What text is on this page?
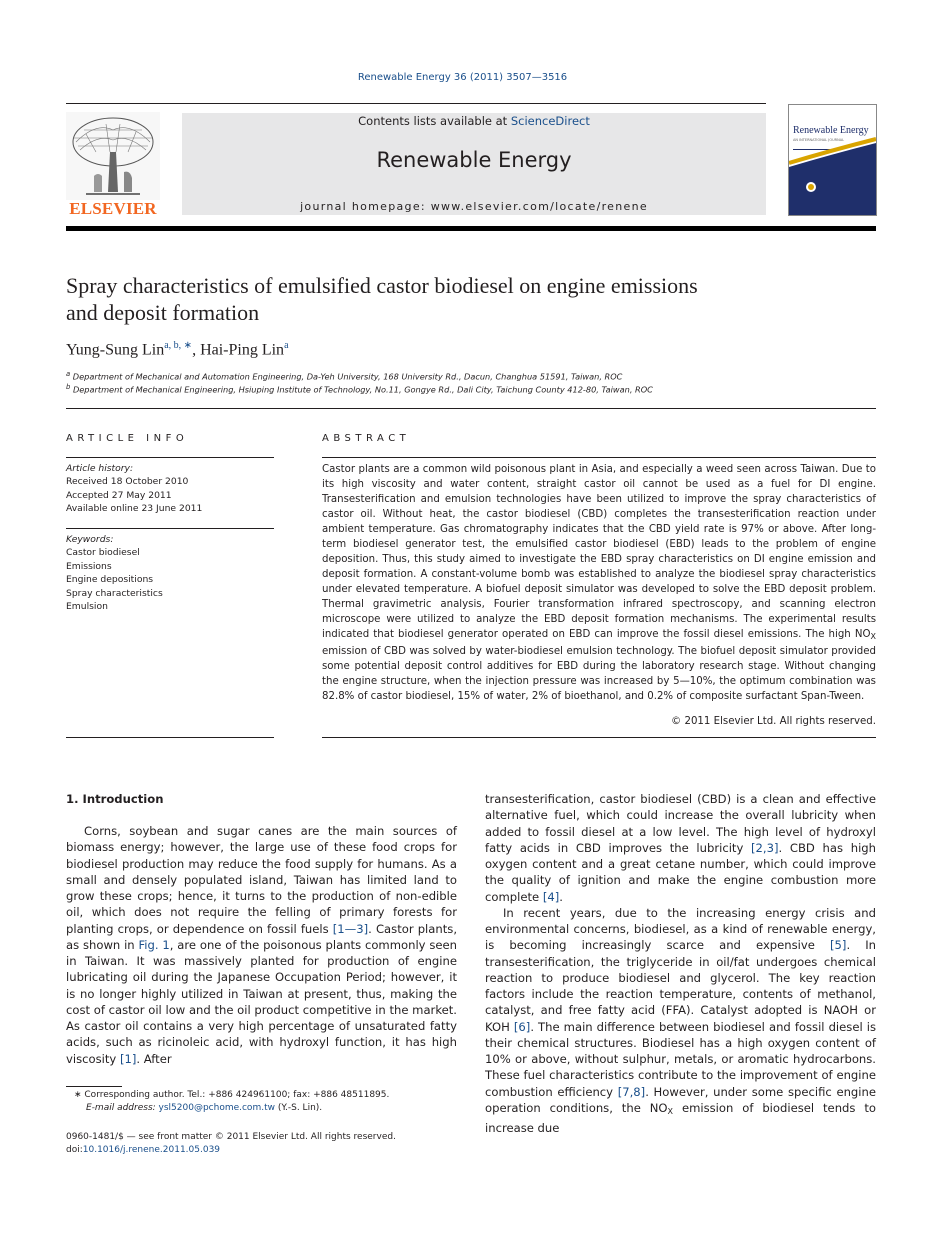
Renewable Energy 36 (2011) 3507—3516
ELSEVIER
Contents lists available at ScienceDirect
Renewable Energy
journal homepage: www.elsevier.com/locate/renene
Renewable Energy
AN INTERNATIONAL JOURNAL
Spray characteristics of emulsified castor biodiesel on engine emissions
and deposit formation
Yung-Sung Lin$^{a, b, ∗}$, Hai-Ping Lin$^a$
$^a$ Department of Mechanical and Automation Engineering, Da-Yeh University, 168 University Rd., Dacun, Changhua 51591, Taiwan, ROC
$^b$ Department of Mechanical Engineering, Hsiuping Institute of Technology, No.11, Gongye Rd., Dali City, Taichung County 412-80, Taiwan, ROC
ARTICLE INFO
Article history:
Received 18 October 2010
Accepted 27 May 2011
Available online 23 June 2011
Keywords:
Castor biodiesel
Emissions
Engine depositions
Spray characteristics
Emulsion
ABSTRACT
Castor plants are a common wild poisonous plant in Asia, and especially a weed seen across Taiwan. Due to its high viscosity and water content, straight castor oil cannot be used as a fuel for DI engine. Transesterification and emulsion technologies have been utilized to improve the spray characteristics of castor oil. Without heat, the castor biodiesel (CBD) completes the transesterification reaction under ambient temperature. Gas chromatography indicates that the CBD yield rate is 97% or above. After long-term biodiesel generator test, the emulsified castor biodiesel (EBD) leads to the problem of engine deposition. Thus, this study aimed to investigate the EBD spray characteristics on DI engine emission and deposit formation. A constant-volume bomb was established to analyze the biodiesel spray characteristics under elevated temperature. A biofuel deposit simulator was developed to solve the EBD deposit problem. Thermal gravimetric analysis, Fourier transformation infrared spectroscopy, and scanning electron microscope were utilized to analyze the EBD deposit formation mechanisms. The experimental results indicated that biodiesel generator operated on EBD can improve the fossil diesel emissions. The high $NO_X$ emission of CBD was solved by water-biodiesel emulsion technology. The biofuel deposit simulator provided some potential deposit control additives for EBD during the laboratory research stage. Without changing the engine structure, when the injection pressure was increased by 5—10%, the optimum combination was 82.8% of castor biodiesel, 15% of water, 2% of bioethanol, and 0.2% of composite surfactant Span-Tween.
© 2011 Elsevier Ltd. All rights reserved.
1. Introduction

Corns, soybean and sugar canes are the main sources of biomass energy; however, the large use of these food crops for biodiesel production may reduce the food supply for humans. As a small and densely populated island, Taiwan has limited land to grow these crops; hence, it turns to the production of non-edible oil, which does not require the felling of primary forests for planting crops, or dependence on fossil fuels [1—3]. Castor plants, as shown in Fig. 1, are one of the poisonous plants commonly seen in Taiwan. It was massively planted for production of engine lubricating oil during the Japanese Occupation Period; however, it is no longer highly utilized in Taiwan at present, thus, making the cost of castor oil low and the oil product competitive in the market. As castor oil contains a very high percentage of unsaturated fatty acids, such as ricinoleic acid, with hydroxyl function, it has high viscosity [1]. After

transesterification, castor biodiesel (CBD) is a clean and effective alternative fuel, which could increase the overall lubricity when added to fossil diesel at a low level. The high level of hydroxyl fatty acids in CBD improves the lubricity [2,3]. CBD has high oxygen content and a great cetane number, which could improve the quality of ignition and make the engine combustion more complete [4].

In recent years, due to the increasing energy crisis and environmental concerns, biodiesel, as a kind of renewable energy, is becoming increasingly scarce and expensive [5]. In transesterification, the triglyceride in oil/fat undergoes chemical reaction to produce biodiesel and glycerol. The key reaction factors include the reaction temperature, contents of methanol, catalyst, and free fatty acid (FFA). Catalyst adopted is NAOH or KOH [6]. The main difference between biodiesel and fossil diesel is their chemical structures. Biodiesel has a high oxygen content of 10% or above, without sulphur, metals, or aromatic hydrocarbons. These fuel characteristics contribute to the improvement of engine combustion efficiency [7,8]. However, under some specific engine operation conditions, the $NO_X$ emission of biodiesel tends to increase due

∗ Corresponding author. Tel.: +886 424961100; fax: +886 48511895.
E-mail address: ysl5200@pchome.com.tw (Y.-S. Lin).
0960-1481/$ — see front matter © 2011 Elsevier Ltd. All rights reserved.
doi:10.1016/j.renene.2011.05.039
